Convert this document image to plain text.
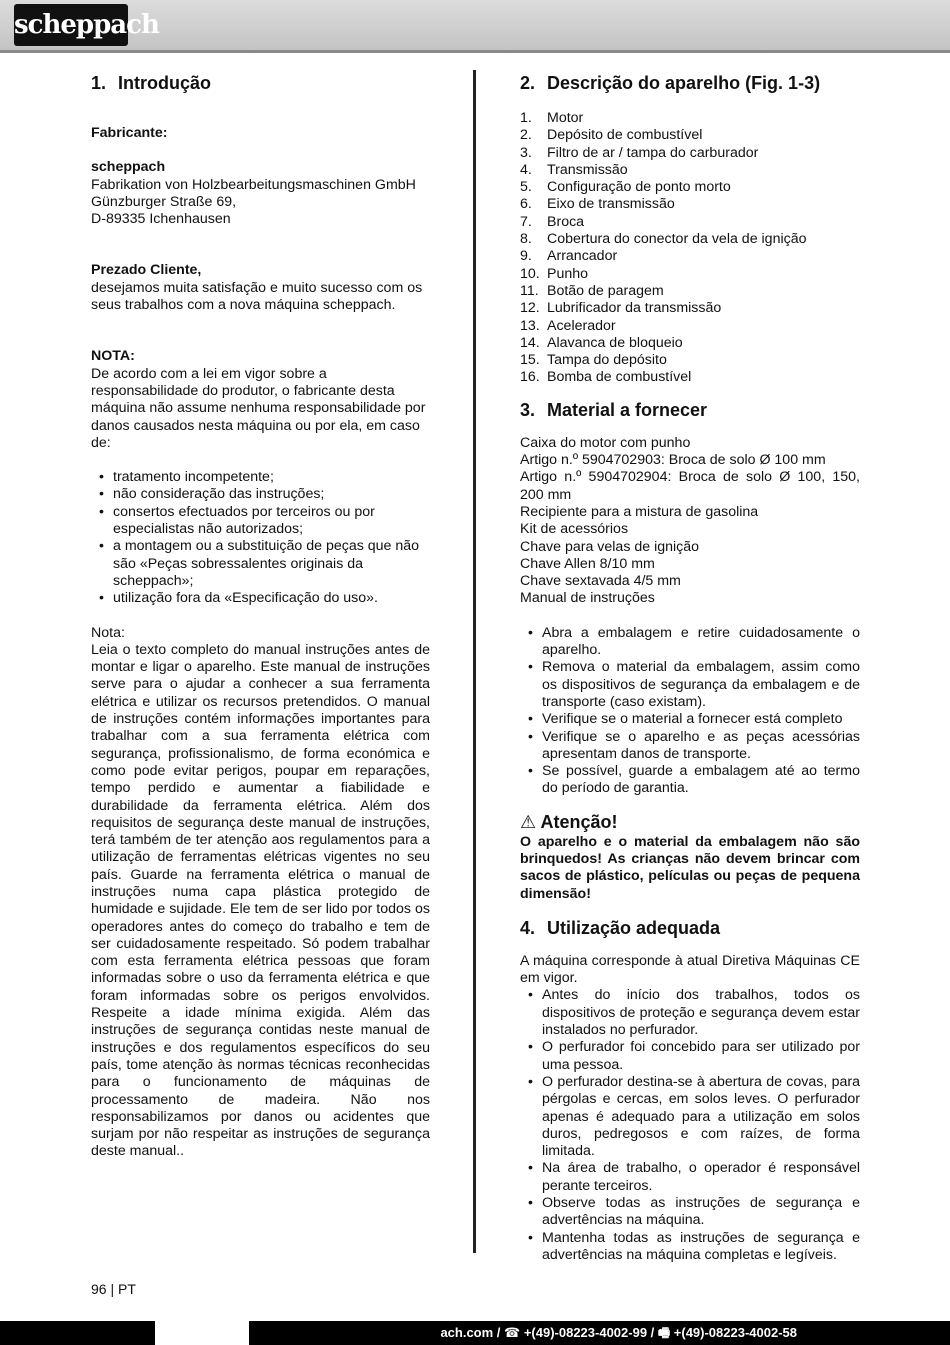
scheppach
1. Introdução
Fabricante:
scheppach
Fabrikation von Holzbearbeitungsmaschinen GmbH
Günzburger Straße 69,
D-89335 Ichenhausen
Prezado Cliente,
desejamos muita satisfação e muito sucesso com os seus trabalhos com a nova máquina scheppach.
NOTA:
De acordo com a lei em vigor sobre a responsabilidade do produtor, o fabricante desta máquina não assume nenhuma responsabilidade por danos causados nesta máquina ou por ela, em caso de:
• tratamento incompetente;
• não consideração das instruções;
• consertos efectuados por terceiros ou por especialistas não autorizados;
• a montagem ou a substituição de peças que não são «Peças sobressalentes originais da scheppach»;
• utilização fora da «Especificação do uso».
Nota:
Leia o texto completo do manual instruções antes de montar e ligar o aparelho. Este manual de instruções serve para o ajudar a conhecer a sua ferramenta elétrica e utilizar os recursos pretendidos. O manual de instruções contém informações importantes para trabalhar com a sua ferramenta elétrica com segurança, profissionalismo, de forma económica e como pode evitar perigos, poupar em reparações, tempo perdido e aumentar a fiabilidade e durabilidade da ferramenta elétrica. Além dos requisitos de segurança deste manual de instruções, terá também de ter atenção aos regulamentos para a utilização de ferramentas elétricas vigentes no seu país. Guarde na ferramenta elétrica o manual de instruções numa capa plástica protegido de humidade e sujidade. Ele tem de ser lido por todos os operadores antes do começo do trabalho e tem de ser cuidadosamente respeitado. Só podem trabalhar com esta ferramenta elétrica pessoas que foram informadas sobre o uso da ferramenta elétrica e que foram informadas sobre os perigos envolvidos. Respeite a idade mínima exigida. Além das instruções de segurança contidas neste manual de instruções e dos regulamentos específicos do seu país, tome atenção às normas técnicas reconhecidas para o funcionamento de máquinas de processamento de madeira. Não nos responsabilizamos por danos ou acidentes que surjam por não respeitar as instruções de segurança deste manual..
2. Descrição do aparelho (Fig. 1-3)
1. Motor
2. Depósito de combustível
3. Filtro de ar / tampa do carburador
4. Transmissão
5. Configuração de ponto morto
6. Eixo de transmissão
7. Broca
8. Cobertura do conector da vela de ignição
9. Arrancador
10. Punho
11. Botão de paragem
12. Lubrificador da transmissão
13. Acelerador
14. Alavanca de bloqueio
15. Tampa do depósito
16. Bomba de combustível
3. Material a fornecer
Caixa do motor com punho
Artigo n.º 5904702903: Broca de solo Ø 100 mm
Artigo n.º 5904702904: Broca de solo Ø 100, 150, 200 mm
Recipiente para a mistura de gasolina
Kit de acessórios
Chave para velas de ignição
Chave Allen 8/10 mm
Chave sextavada 4/5 mm
Manual de instruções
• Abra a embalagem e retire cuidadosamente o aparelho.
• Remova o material da embalagem, assim como os dispositivos de segurança da embalagem e de transporte (caso existam).
• Verifique se o material a fornecer está completo
• Verifique se o aparelho e as peças acessórias apresentam danos de transporte.
• Se possível, guarde a embalagem até ao termo do período de garantia.
⚠ Atenção!
O aparelho e o material da embalagem não são brinquedos! As crianças não devem brincar com sacos de plástico, películas ou peças de pequena dimensão!
4. Utilização adequada
A máquina corresponde à atual Diretiva Máquinas CE em vigor.
• Antes do início dos trabalhos, todos os dispositivos de proteção e segurança devem estar instalados no perfurador.
• O perfurador foi concebido para ser utilizado por uma pessoa.
• O perfurador destina-se à abertura de covas, para pérgolas e cercas, em solos leves. O perfurador apenas é adequado para a utilização em solos duros, pedregosos e com raízes, de forma limitada.
• Na área de trabalho, o operador é responsável perante terceiros.
• Observe todas as instruções de segurança e advertências na máquina.
• Mantenha todas as instruções de segurança e advertências na máquina completas e legíveis.
96 | PT
ach.com / ☎ +(49)-08223-4002-99 / 🖷 +(49)-08223-4002-58
